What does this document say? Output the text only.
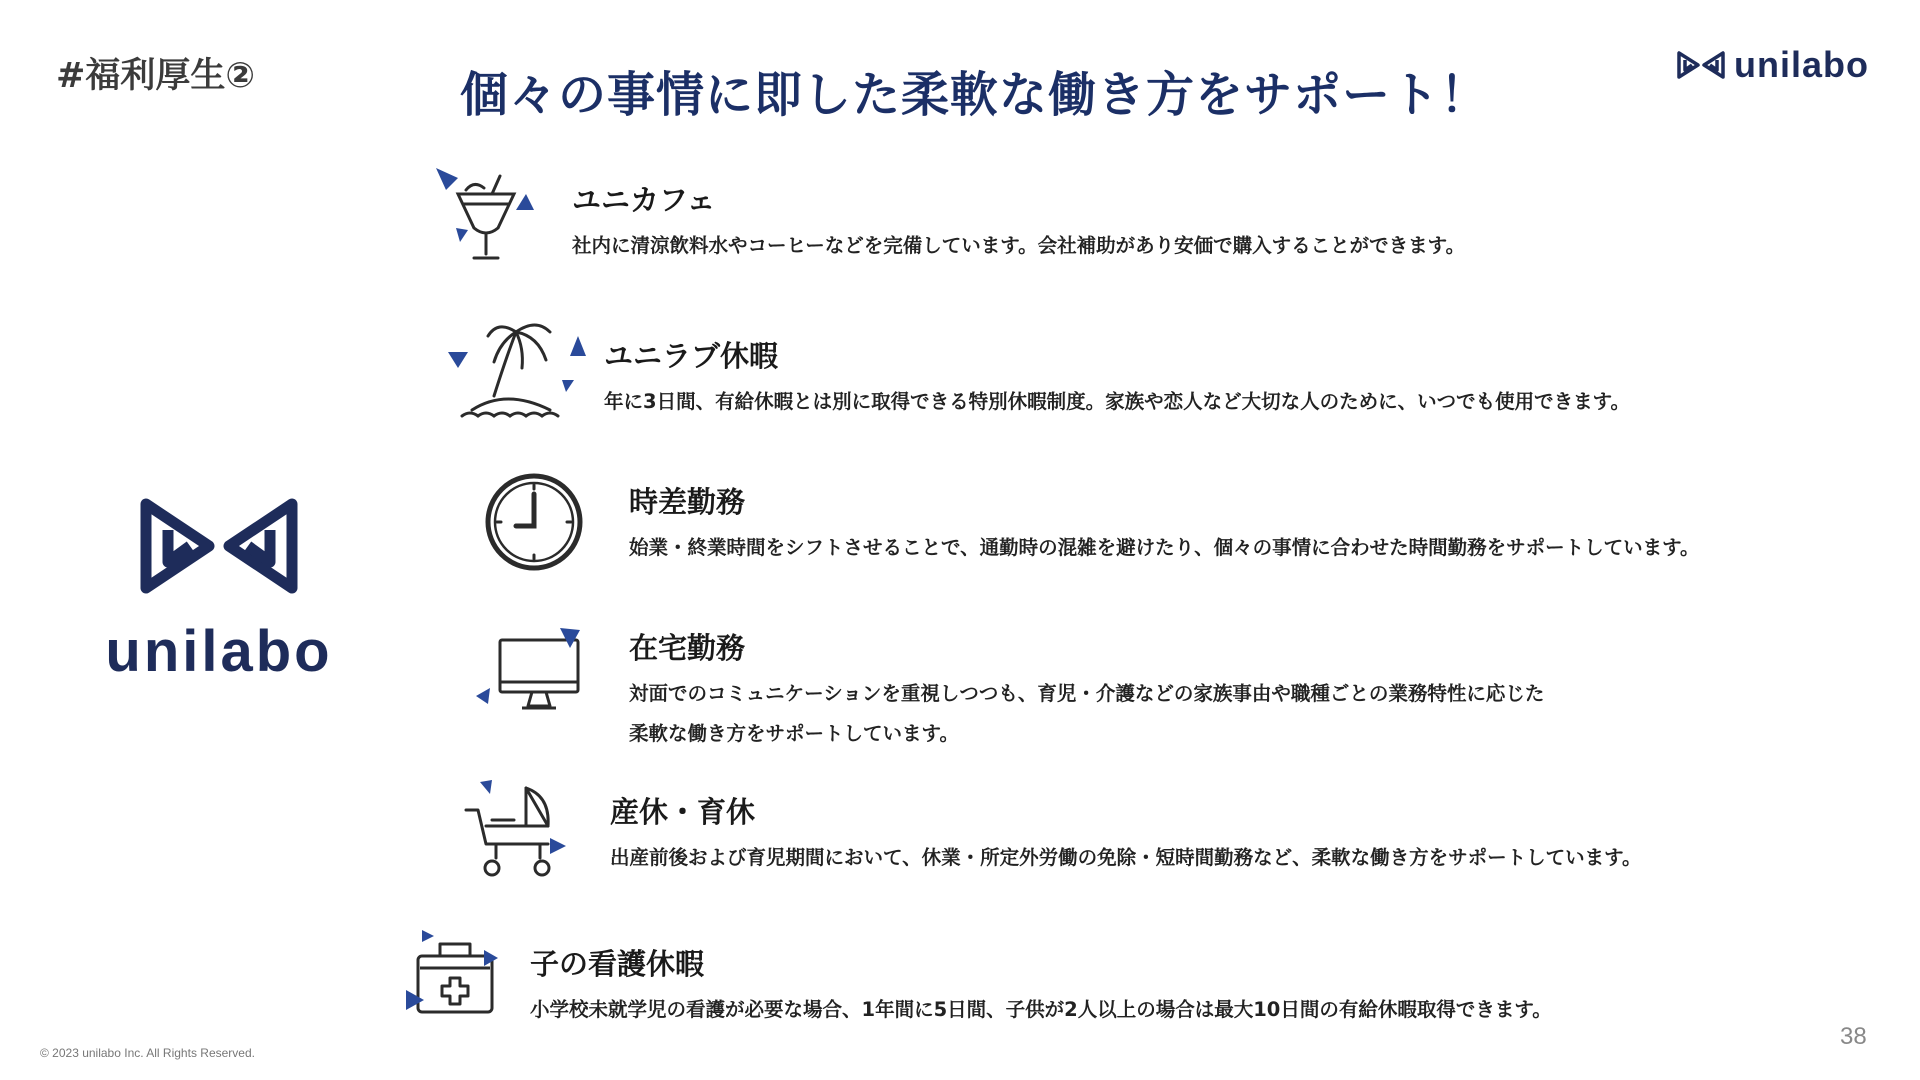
#福利厚生②	個々の事情に即した柔軟な働き方をサポート！
unilabo
unilabo
ユニカフェ
社内に清涼飲料水やコーヒーなどを完備しています。会社補助があり安価で購入することができます。
ユニラブ休暇
年に3日間、有給休暇とは別に取得できる特別休暇制度。家族や恋人など大切な人のために、いつでも使用できます。
時差勤務
始業・終業時間をシフトさせることで、通勤時の混雑を避けたり、個々の事情に合わせた時間勤務をサポートしています。
在宅勤務
対面でのコミュニケーションを重視しつつも、育児・介護などの家族事由や職種ごとの業務特性に応じた
柔軟な働き方をサポートしています。
産休・育休
出産前後および育児期間において、休業・所定外労働の免除・短時間勤務など、柔軟な働き方をサポートしています。
子の看護休暇
小学校未就学児の看護が必要な場合、1年間に5日間、子供が2人以上の場合は最大10日間の有給休暇取得できます。
© 2023 unilabo Inc. All Rights Reserved.
38
